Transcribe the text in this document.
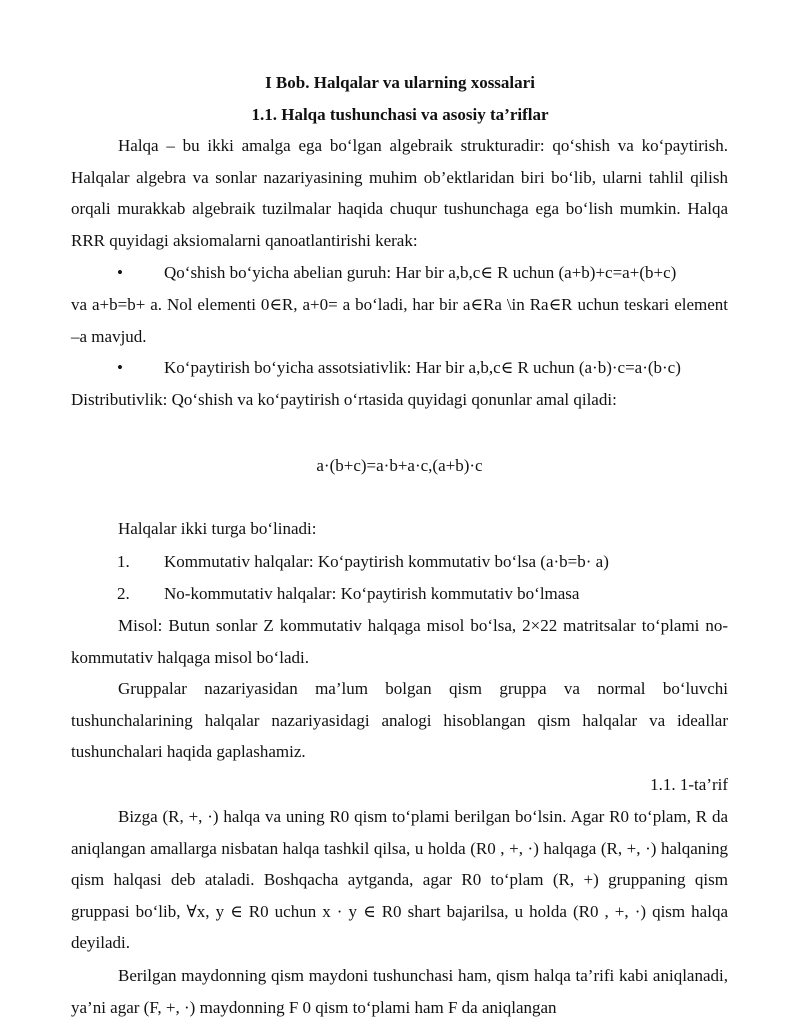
I Bob. Halqalar va ularning xossalari
1.1. Halqa tushunchasi va asosiy ta’riflar

Halqa – bu ikki amalga ega bo‘lgan algebraik strukturadir: qo‘shish va ko‘paytirish. Halqalar algebra va sonlar nazariyasining muhim ob’ektlaridan biri bo‘lib, ularni tahlil qilish orqali murakkab algebraik tuzilmalar haqida chuqur tushunchaga ega bo‘lish mumkin. Halqa RRR quyidagi aksiomalarni qanoatlantirishi kerak:

•	Qo‘shish bo‘yicha abelian guruh: Har bir a,b,c∈ R uchun (a+b)+c=a+(b+c)

va a+b=b+ a. Nol elementi 0∈R, a+0= a bo‘ladi, har bir a∈Ra \in Ra∈R uchun teskari element –a mavjud.

•	Ko‘paytirish bo‘yicha assotsiativlik: Har bir a,b,c∈ R uchun (a·b)·c=a·(b·c)

Distributivlik: Qo‘shish va ko‘paytirish o‘rtasida quyidagi qonunlar amal qiladi:

a·(b+c)=a·b+a·c,(a+b)·c

Halqalar ikki turga bo‘linadi:

1.	Kommutativ halqalar: Ko‘paytirish kommutativ bo‘lsa (a·b=b· a)
2.	No-kommutativ halqalar: Ko‘paytirish kommutativ bo‘lmasa

Misol: Butun sonlar Z kommutativ halqaga misol bo‘lsa, 2×22 matritsalar to‘plami no-kommutativ halqaga misol bo‘ladi.

Gruppalar nazariyasidan ma’lum bolgan qism gruppa va normal bo‘luvchi tushunchalarining halqalar nazariyasidagi analogi hisoblangan qism halqalar va ideallar tushunchalari haqida gaplashamiz.

1.1. 1-ta’rif

Bizga (R, +, ·) halqa va uning R0 qism to‘plami berilgan bo‘lsin. Agar R0 to‘plam, R da aniqlangan amallarga nisbatan halqa tashkil qilsa, u holda (R0 , +, ·) halqaga (R, +, ·) halqaning qism halqasi deb ataladi. Boshqacha aytganda, agar R0 to‘plam (R, +) gruppaning qism gruppasi bo‘lib, ∀x, y ∈ R0 uchun x · y ∈ R0 shart bajarilsa, u holda (R0 , +, ·) qism halqa deyiladi.

Berilgan maydonning qism maydoni tushunchasi ham, qism halqa ta’rifi kabi aniqlanadi, ya’ni agar (F, +, ·) maydonning F 0 qism to‘plami ham F da aniqlangan
